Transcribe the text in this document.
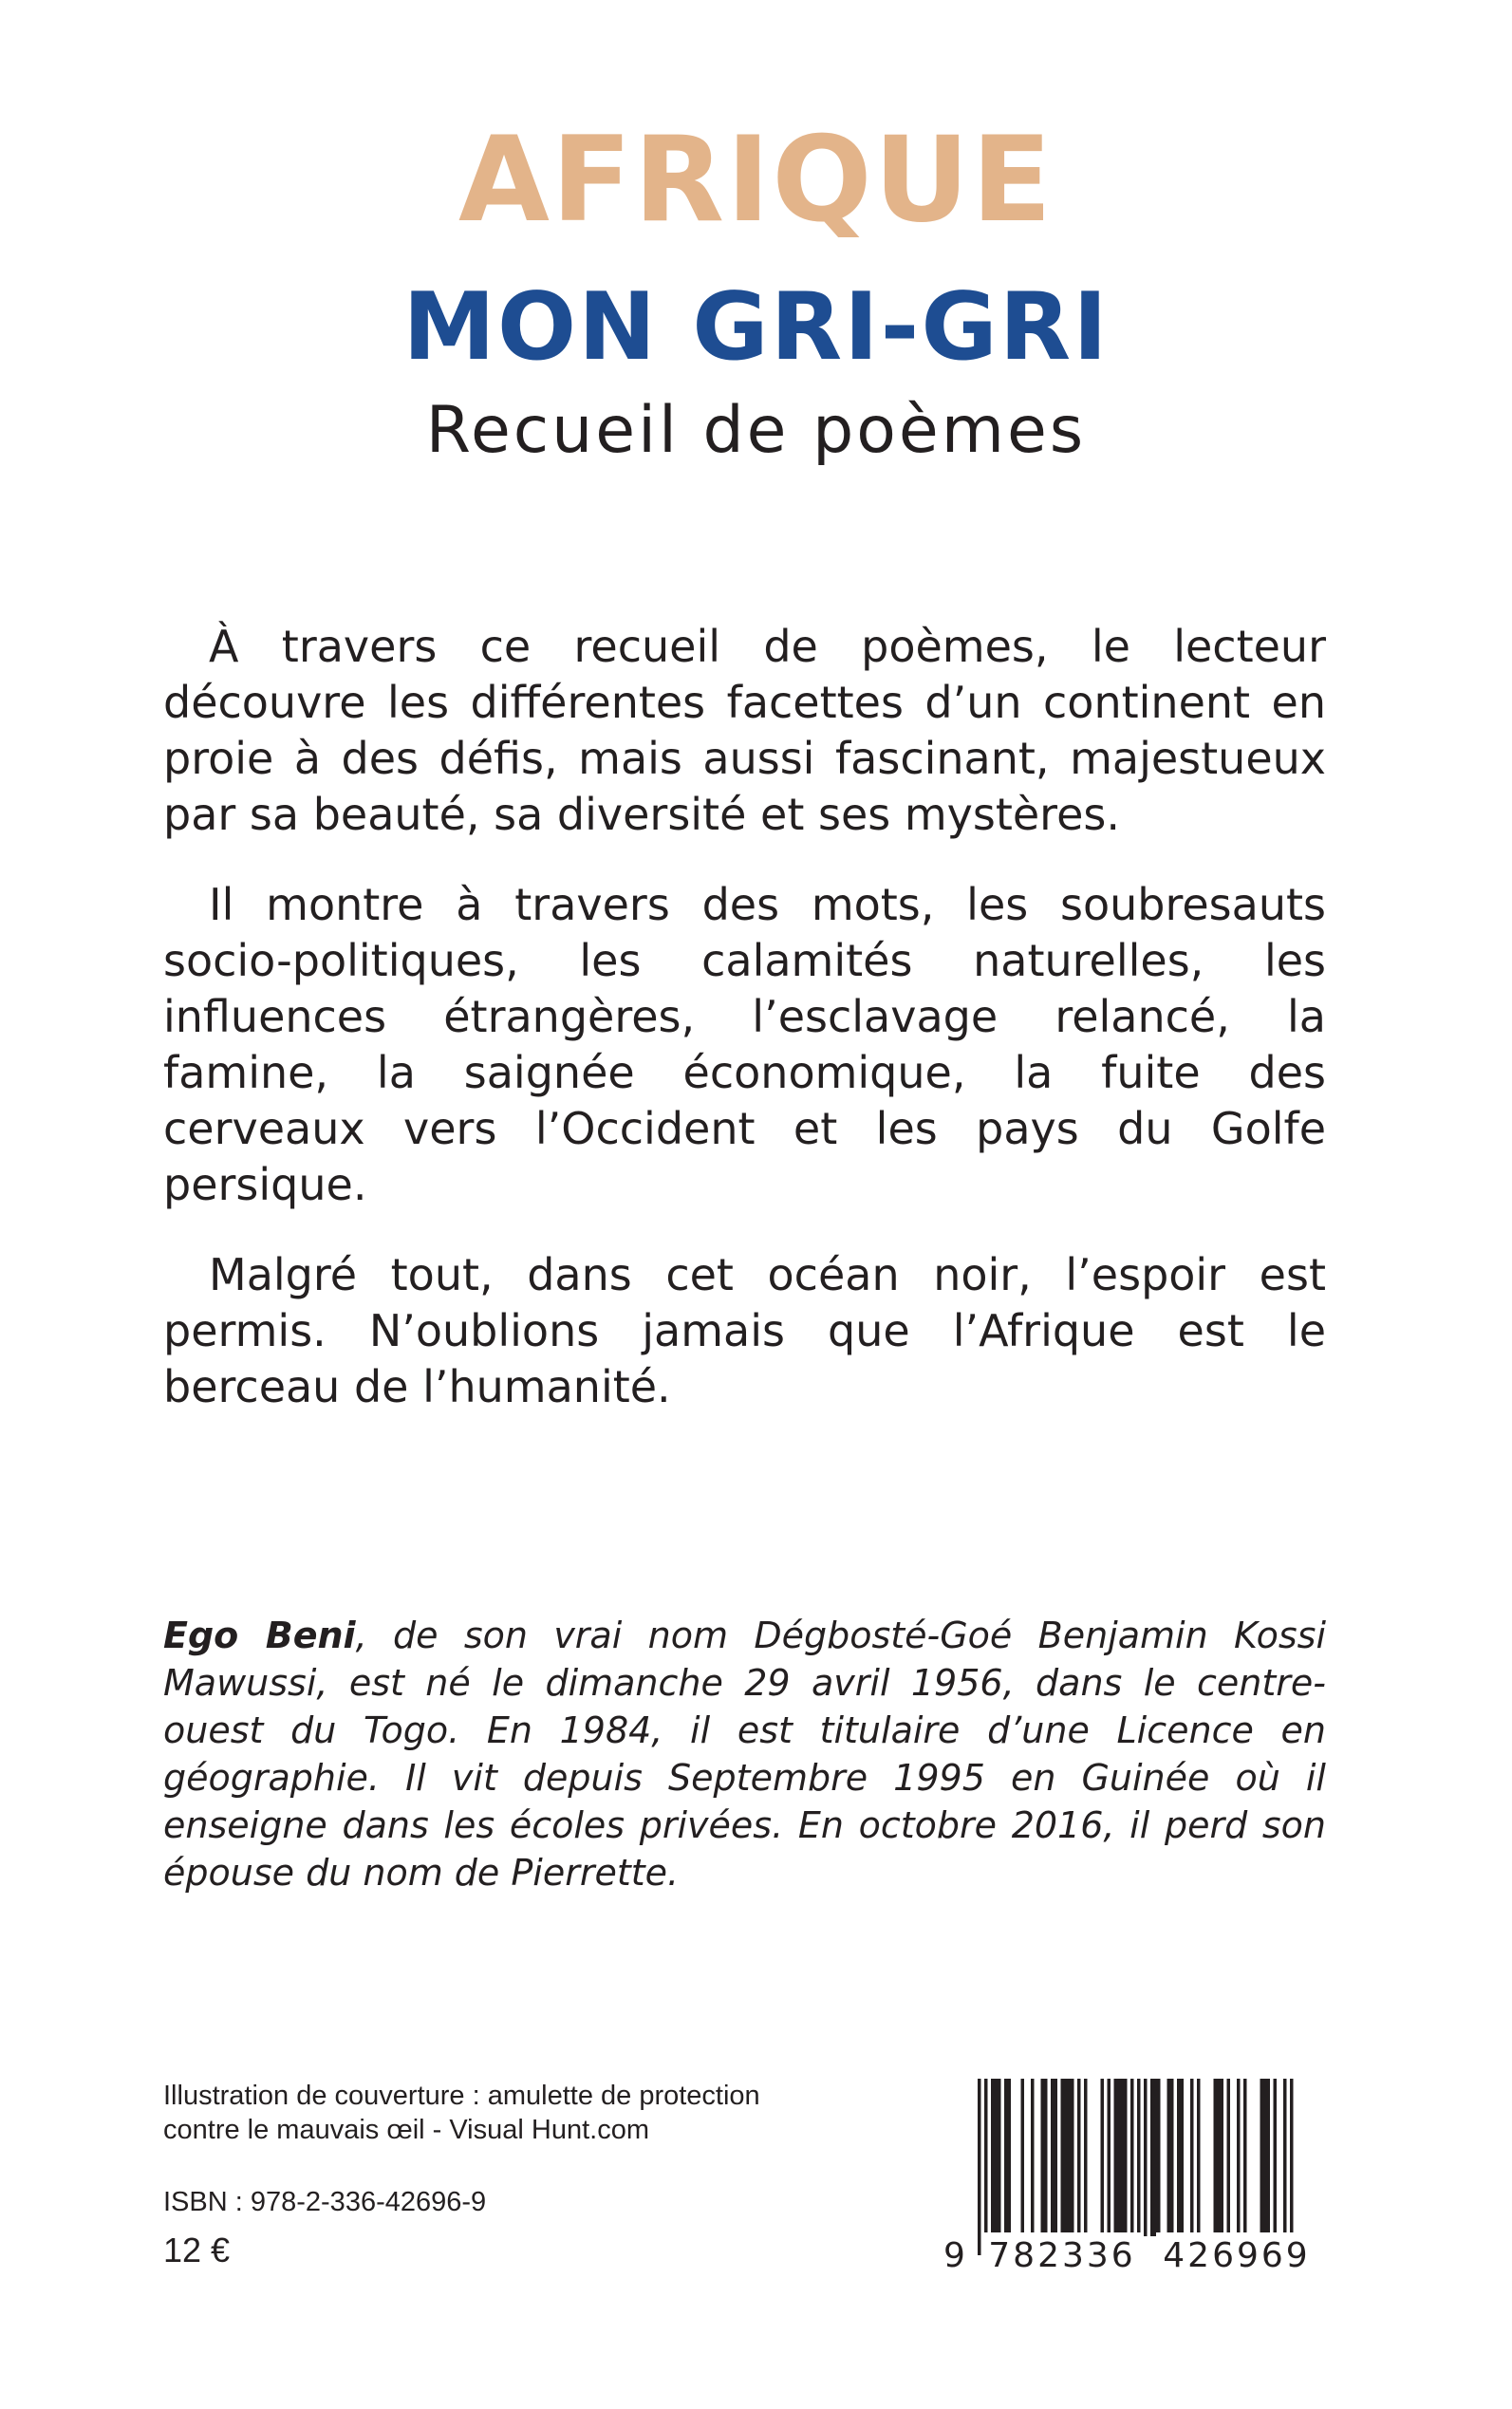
AFRIQUE
MON GRI-GRI
Recueil de poèmes

À travers ce recueil de poèmes, le lecteur découvre les différentes facettes d’un continent en proie à des défis, mais aussi fascinant, majestueux par sa beauté, sa diversité et ses mystères.

Il montre à travers des mots, les soubresauts socio-politiques, les calamités naturelles, les influences étrangères, l’esclavage relancé, la famine, la saignée économique, la fuite des cerveaux vers l’Occident et les pays du Golfe persique.

Malgré tout, dans cet océan noir, l’espoir est permis. N’oublions jamais que l’Afrique est le berceau de l’humanité.

Ego Beni, de son vrai nom Dégbosté-Goé Benjamin Kossi Mawussi, est né le dimanche 29 avril 1956, dans le centre-ouest du Togo. En 1984, il est titulaire d’une Licence en géographie. Il vit depuis Septembre 1995 en Guinée où il enseigne dans les écoles privées. En octobre 2016, il perd son épouse du nom de Pierrette.
Illustration de couverture : amulette de protection
contre le mauvais œil - Visual Hunt.com
ISBN : 978-2-336-42696-9
12 €	9 782336 426969
